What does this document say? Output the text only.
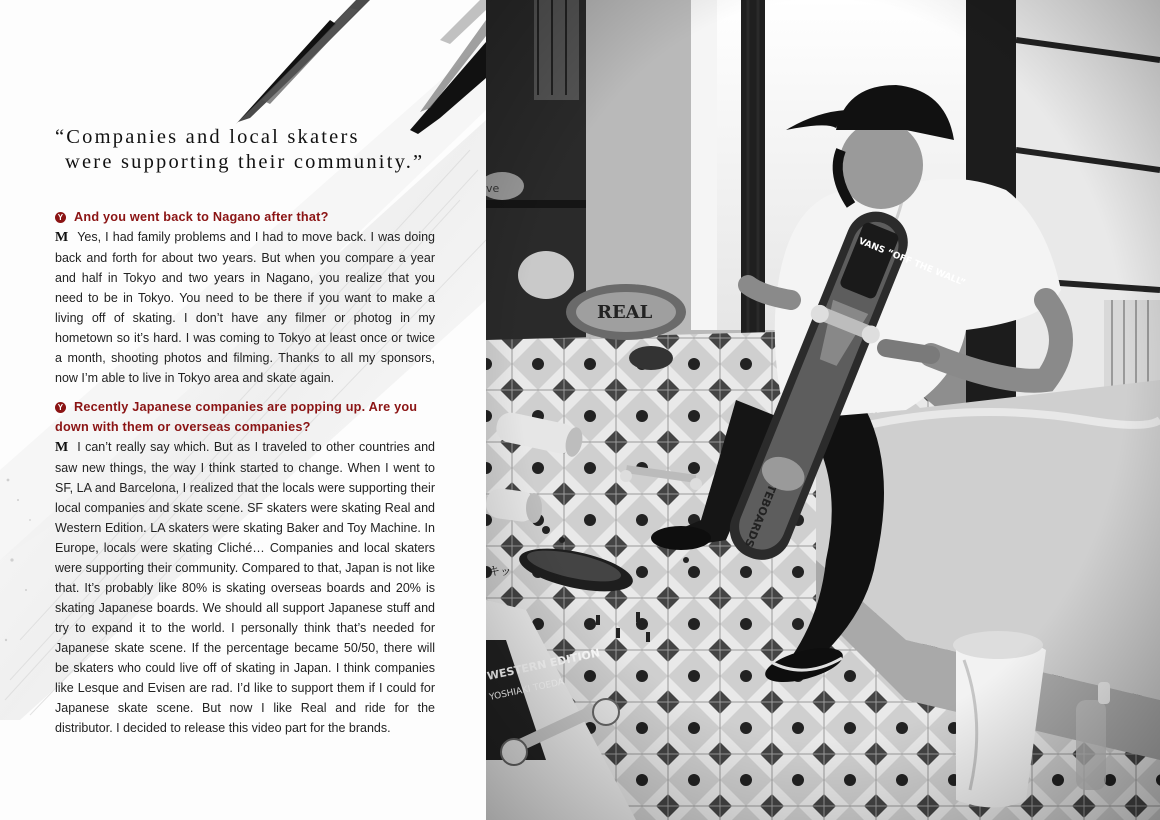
“Companies and local skaters
were supporting their community.”

Y And you went back to Nagano after that?

M Yes, I had family problems and I had to move back. I was doing back and forth for about two years. But when you compare a year and half in Tokyo and two years in Nagano, you realize that you need to be in Tokyo. You need to be there if you want to make a living off of skating. I don’t have any filmer or photog in my hometown so it’s hard. I was coming to Tokyo at least once or twice a month, shooting photos and filming. Thanks to all my sponsors, now I’m able to live in Tokyo area and skate again.

Y Recently Japanese companies are popping up. Are you down with them or overseas companies?

M I can’t really say which. But as I traveled to other countries and saw new things, the way I think started to change. When I went to SF, LA and Barcelona, I realized that the locals were supporting their local companies and skate scene. SF skaters were skating Real and Western Edition. LA skaters were skating Baker and Toy Machine. In Europe, locals were skating Cliché… Companies and local skaters were supporting their community. Compared to that, Japan is not like that. It’s probably like 80% is skating overseas boards and 20% is skating Japanese boards. We should all support Japanese stuff and try to expand it to the world. I personally think that’s needed for Japanese skate scene. If the percentage became 50/50, there will be skaters who could live off of skating in Japan. I think companies like Lesque and Evisen are rad. I’d like to support them if I could for Japanese skate scene. But now I like Real and ride for the distributor. I decided to release this video part for the brands.
